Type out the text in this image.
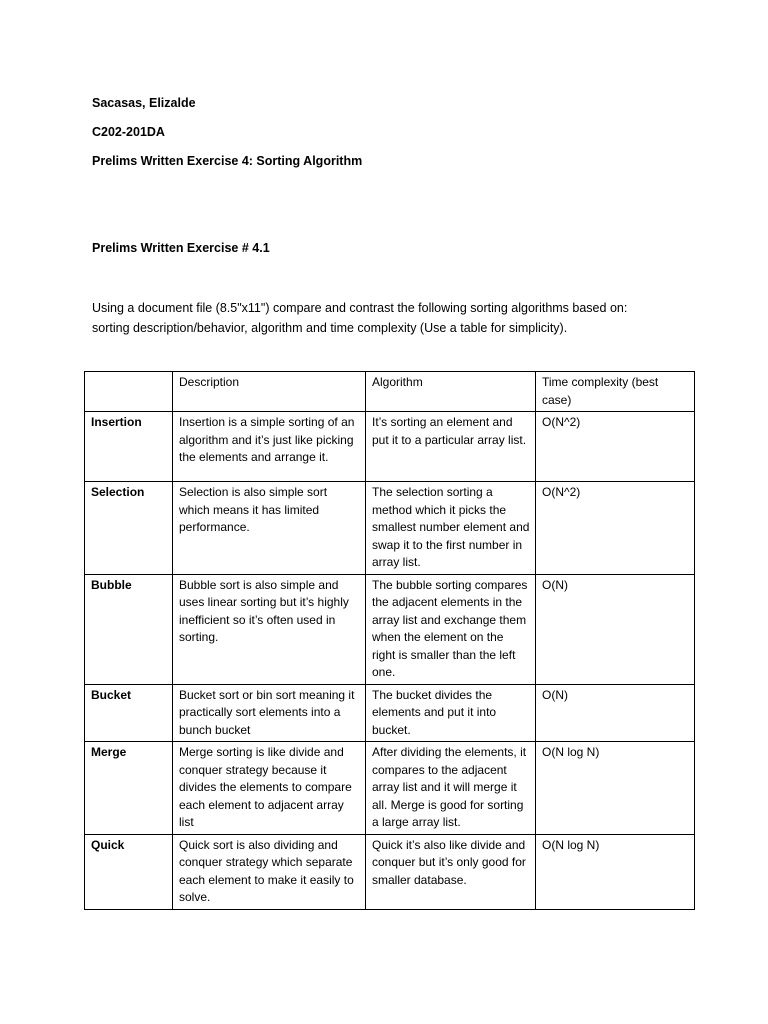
Sacasas, Elizalde
C202-201DA
Prelims Written Exercise 4: Sorting Algorithm
Prelims Written Exercise # 4.1

Using a document file (8.5"x11") compare and contrast the following sorting algorithms based on:

sorting description/behavior, algorithm and time complexity (Use a table for simplicity).

	Description	Algorithm	Time complexity (best case)
Insertion	Insertion is a simple sorting of an algorithm and it’s just like picking the elements and arrange it.	It’s sorting an element and put it to a particular array list.	O(N^2)
Selection	Selection is also simple sort which means it has limited performance.	The selection sorting a method which it picks the smallest number element and swap it to the first number in array list.	O(N^2)
Bubble	Bubble sort is also simple and uses linear sorting but it’s highly inefficient so it’s often used in sorting.	The bubble sorting compares the adjacent elements in the array list and exchange them when the element on the right is smaller than the left one.	O(N)
Bucket	Bucket sort or bin sort meaning it practically sort elements into a bunch bucket	The bucket divides the elements and put it into bucket.	O(N)
Merge	Merge sorting is like divide and conquer strategy because it divides the elements to compare each element to adjacent array list	After dividing the elements, it compares to the adjacent array list and it will merge it all. Merge is good for sorting a large array list.	O(N log N)
Quick	Quick sort is also dividing and conquer strategy which separate each element to make it easily to solve.	Quick it’s also like divide and conquer but it’s only good for smaller database.	O(N log N)
